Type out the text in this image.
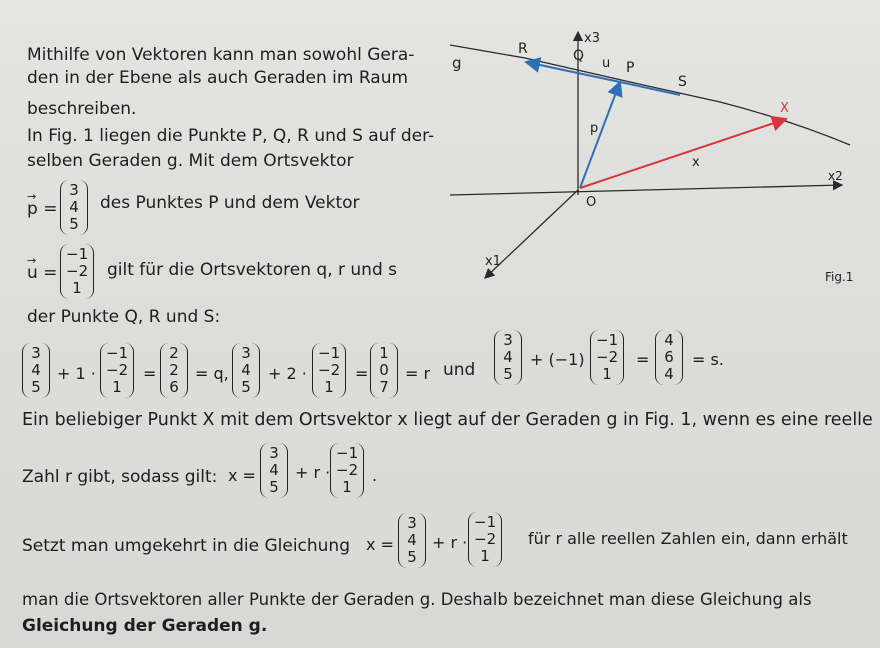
Mithilfe von Vektoren kann man sowohl Gera-
den in der Ebene als auch Geraden im Raum
beschreiben.
In Fig. 1 liegen die Punkte P, Q, R und S auf der-
selben Geraden g. Mit dem Ortsvektor
→ p =
3
4
5
des Punktes P und dem Vektor
→ u =
−1
−2
1
gilt für die Ortsvektoren q, r und s
der Punkte Q, R und S:
3
4
5
+ 1 ·
−1
−2
1
=
2
2
6
= q,
3
4
5
+ 2 ·
−1
−2
1
=
1
0
7
= r und
3
4
5
+ (−1)
−1
−2
1
=
4
6
4
= s.
Ein beliebiger Punkt X mit dem Ortsvektor x liegt auf der Geraden g in Fig. 1, wenn es eine reelle
Zahl r gibt, sodass gilt: x =
3
4
5
+ r ·
−1
−2
1
.
Setzt man umgekehrt in die Gleichung x =
3
4
5
+ r ·
−1
−2
1
für r alle reellen Zahlen ein, dann erhält
man die Ortsvektoren aller Punkte der Geraden g. Deshalb bezeichnet man diese Gleichung als
Gleichung der Geraden g.
x3
x2
x1
O
g
R	Q u P
S
X
p
x
Fig.1
